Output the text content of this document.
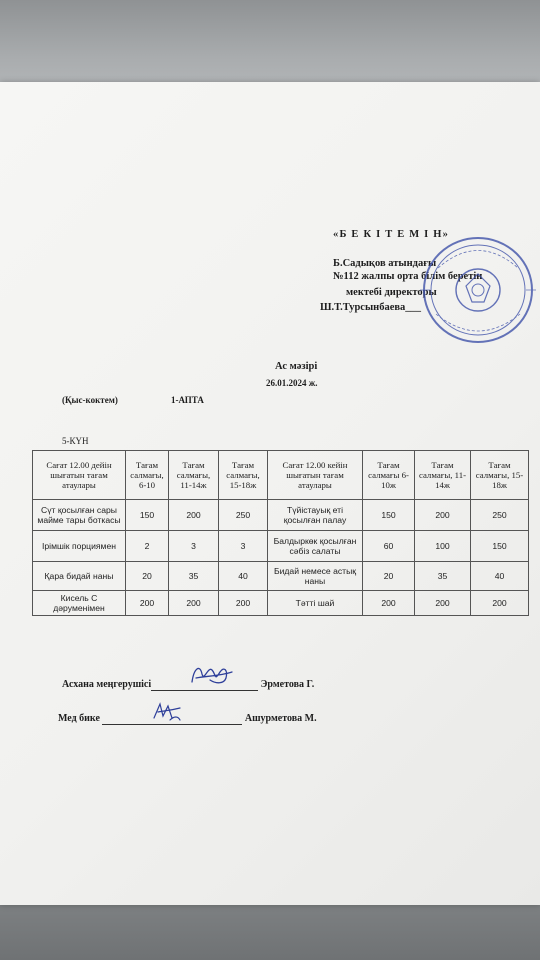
«Б Е К І Т Е М І Н»
Б.Садықов атындағы
№112 жалпы орта білім беретін
мектебі директоры
Ш.Т.Турсынбаева___
Ас мәзірі
26.01.2024 ж.
(Қыс-коктем)	1-АПТА
5-КҮН
Сағат 12.00 дейін шығатын тағам атаулары	Тағам салмағы, 6-10	Тағам салмағы, 11-14ж	Тағам салмағы, 15-18ж	Сағат 12.00 кейін шығатын тағам атаулары	Тағам салмағы 6-10ж	Тағам салмағы, 11-14ж	Тағам салмағы, 15-18ж
Сүт қосылған сары майме тары боткасы	150	200	250	Түйістауық еті қосылған палау	150	200	250
Ірімшік порциямен	2	3	3	Балдыркөк қосылған сәбіз салаты	60	100	150
Қара бидай наны	20	35	40	Бидай немесе астық наны	20	35	40
Кисель С дәруменімен	200	200	200	Тәтті шай	200	200	200
Асхана меңгерушісі	Эрметова Г.
Мед бике	Ашурметова М.
